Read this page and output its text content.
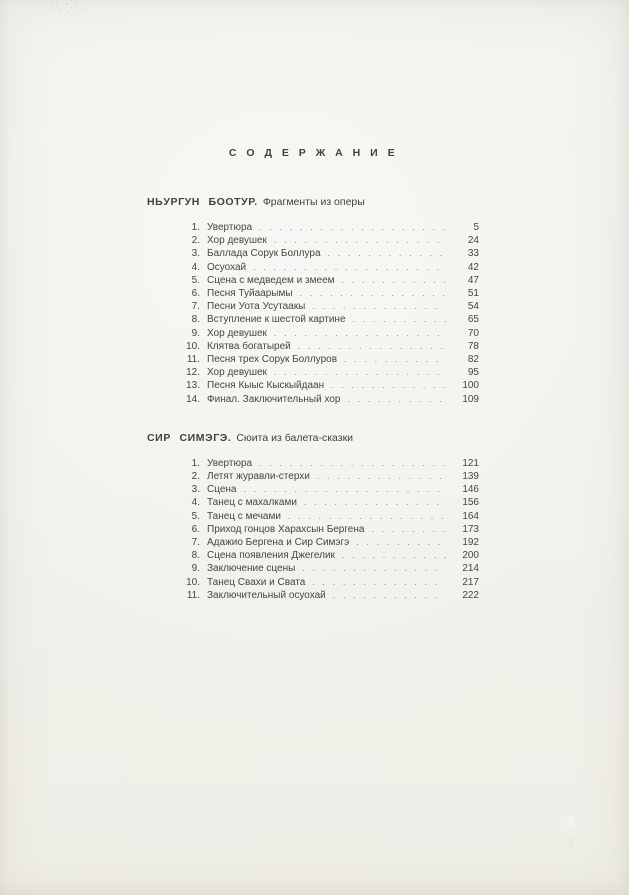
С О Д Е Р Ж А Н И Е
НЬУРГУН БООТУР. Фрагменты из оперы
1. Увертюра . . .	5
2. Хор девушек . . .	24
3. Баллада Сорук Боллура . . .	33
4. Осуохай . . .	42
5. Сцена с медведем и змеем . . .	47
6. Песня Туйаарымы . . .	51
7. Песни Уота Усутаакы . . .	54
8. Вступление к шестой картине . . .	65
9. Хор девушек . . .	70
10. Клятва богатырей . . .	78
11. Песня трех Сорук Боллуров . . .	82
12. Хор девушек . . .	95
13. Песня Кыыс Кыскыйдаан . . .	100
14. Финал. Заключительный хор . . .	109
СИР СИМЭГЭ. Сюита из балета-сказки
1. Увертюра . . .	121
2. Летят журавли-стерхи . . .	139
3. Сцена . . .	146
4. Танец с махалками . . .	156
5. Танец с мечами . . .	164
6. Приход гонцов Харахсын Бергена . . .	173
7. Адажио Бергена и Сир Симэгэ . . .	192
8. Сцена появления Джегелик . . .	200
9. Заключение сцены . . .	214
10. Танец Свахи и Свата . . .	217
11. Заключительный осуохай . . .	222
